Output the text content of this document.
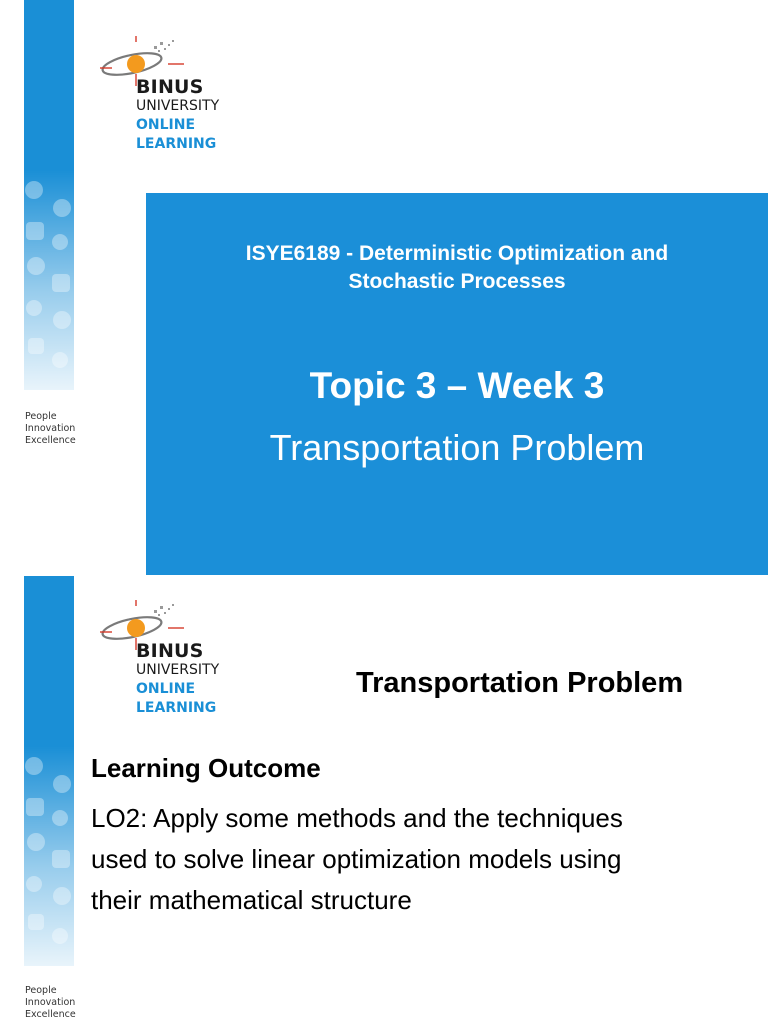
BINUS
UNIVERSITY
ONLINE
LEARNING
People
Innovation
Excellence
ISYE6189 - Deterministic Optimization and
Stochastic Processes
Topic 3 – Week 3
Transportation Problem
BINUS
UNIVERSITY
ONLINE
LEARNING
Transportation Problem
Learning Outcome
LO2: Apply some methods and the techniques
used to solve linear optimization models using
their mathematical structure
People
Innovation
Excellence
